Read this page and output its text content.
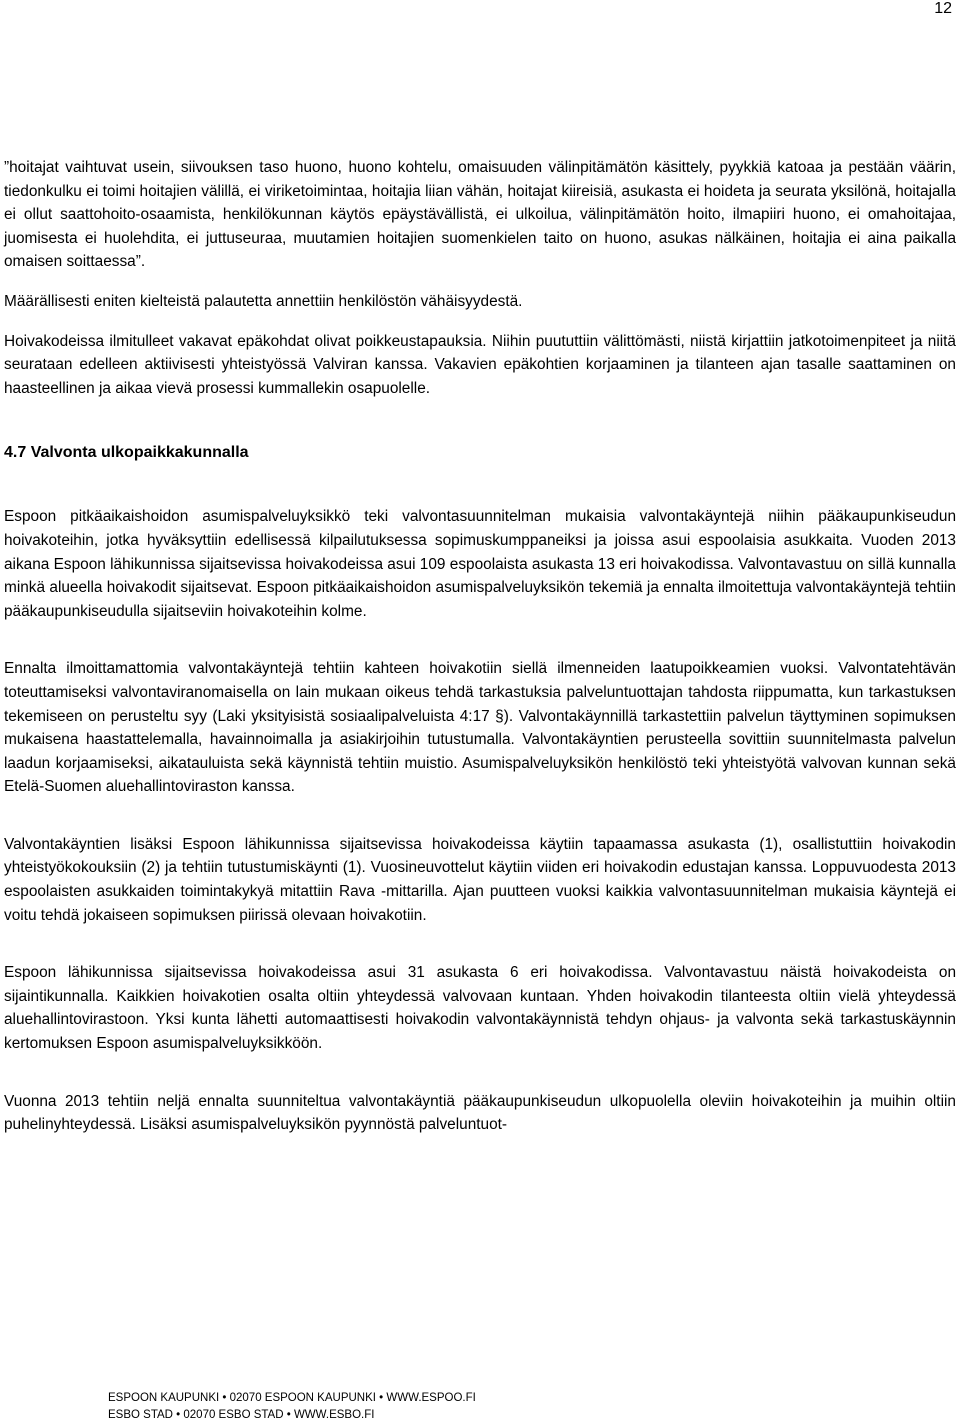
12

”hoitajat vaihtuvat usein, siivouksen taso huono, huono kohtelu, omaisuuden välinpitämätön käsittely, pyykkiä katoaa ja pestään väärin, tiedonkulku ei toimi hoitajien välillä, ei viriketoimintaa, hoitajia liian vähän, hoitajat kiireisiä, asukasta ei hoideta ja seurata yksilönä, hoitajalla ei ollut saattohoito-osaamista, henkilökunnan käytös epäystävällistä, ei ulkoilua, välinpitämätön hoito, ilmapiiri huono, ei omahoitajaa, juomisesta ei huolehdita, ei juttuseuraa, muutamien hoitajien suomenkielen taito on huono, asukas nälkäinen, hoitajia ei aina paikalla omaisen soittaessa”.

Määrällisesti eniten kielteistä palautetta annettiin henkilöstön vähäisyydestä.

Hoivakodeissa ilmitulleet vakavat epäkohdat olivat poikkeustapauksia. Niihin puututtiin välittömästi, niistä kirjattiin jatkotoimenpiteet ja niitä seurataan edelleen aktiivisesti yhteistyössä Valviran kanssa. Vakavien epäkohtien korjaaminen ja tilanteen ajan tasalle saattaminen on haasteellinen ja aikaa vievä prosessi kummallekin osapuolelle.

4.7 Valvonta ulkopaikkakunnalla

Espoon pitkäaikaishoidon asumispalveluyksikkö teki valvontasuunnitelman mukaisia valvontakäyntejä niihin pääkaupunkiseudun hoivakoteihin, jotka hyväksyttiin edellisessä kilpailutuksessa sopimuskumppaneiksi ja joissa asui espoolaisia asukkaita. Vuoden 2013 aikana Espoon lähikunnissa sijaitsevissa hoivakodeissa asui 109 espoolaista asukasta 13 eri hoivakodissa. Valvontavastuu on sillä kunnalla minkä alueella hoivakodit sijaitsevat. Espoon pitkäaikaishoidon asumispalveluyksikön tekemiä ja ennalta ilmoitettuja valvontakäyntejä tehtiin pääkaupunkiseudulla sijaitseviin hoivakoteihin kolme.

Ennalta ilmoittamattomia valvontakäyntejä tehtiin kahteen hoivakotiin siellä ilmenneiden laatupoikkeamien vuoksi. Valvontatehtävän toteuttamiseksi valvontaviranomaisella on lain mukaan oikeus tehdä tarkastuksia palveluntuottajan tahdosta riippumatta, kun tarkastuksen tekemiseen on perusteltu syy (Laki yksityisistä sosiaalipalveluista 4:17 §). Valvontakäynnillä tarkastettiin palvelun täyttyminen sopimuksen mukaisena haastattelemalla, havainnoimalla ja asiakirjoihin tutustumalla. Valvontakäyntien perusteella sovittiin suunnitelmasta palvelun laadun korjaamiseksi, aikatauluista sekä käynnistä tehtiin muistio. Asumispalveluyksikön henkilöstö teki yhteistyötä valvovan kunnan sekä Etelä-Suomen aluehallintoviraston kanssa.

Valvontakäyntien lisäksi Espoon lähikunnissa sijaitsevissa hoivakodeissa käytiin tapaamassa asukasta (1), osallistuttiin hoivakodin yhteistyökokouksiin (2) ja tehtiin tutustumiskäynti (1). Vuosineuvottelut käytiin viiden eri hoivakodin edustajan kanssa. Loppuvuodesta 2013 espoolaisten asukkaiden toimintakykyä mitattiin Rava -mittarilla. Ajan puutteen vuoksi kaikkia valvontasuunnitelman mukaisia käyntejä ei voitu tehdä jokaiseen sopimuksen piirissä olevaan hoivakotiin.

Espoon lähikunnissa sijaitsevissa hoivakodeissa asui 31 asukasta 6 eri hoivakodissa. Valvontavastuu näistä hoivakodeista on sijaintikunnalla. Kaikkien hoivakotien osalta oltiin yhteydessä valvovaan kuntaan. Yhden hoivakodin tilanteesta oltiin vielä yhteydessä aluehallintovirastoon. Yksi kunta lähetti automaattisesti hoivakodin valvontakäynnistä tehdyn ohjaus- ja valvonta sekä tarkastuskäynnin kertomuksen Espoon asumispalveluyksikköön.

Vuonna 2013 tehtiin neljä ennalta suunniteltua valvontakäyntiä pääkaupunkiseudun ulkopuolella oleviin hoivakoteihin ja muihin oltiin puhelinyhteydessä. Lisäksi asumispalveluyksikön pyynnöstä palveluntuot-

ESPOON KAUPUNKI • 02070 ESPOON KAUPUNKI • WWW.ESPOO.FI
ESBO STAD • 02070 ESBO STAD • WWW.ESBO.FI
